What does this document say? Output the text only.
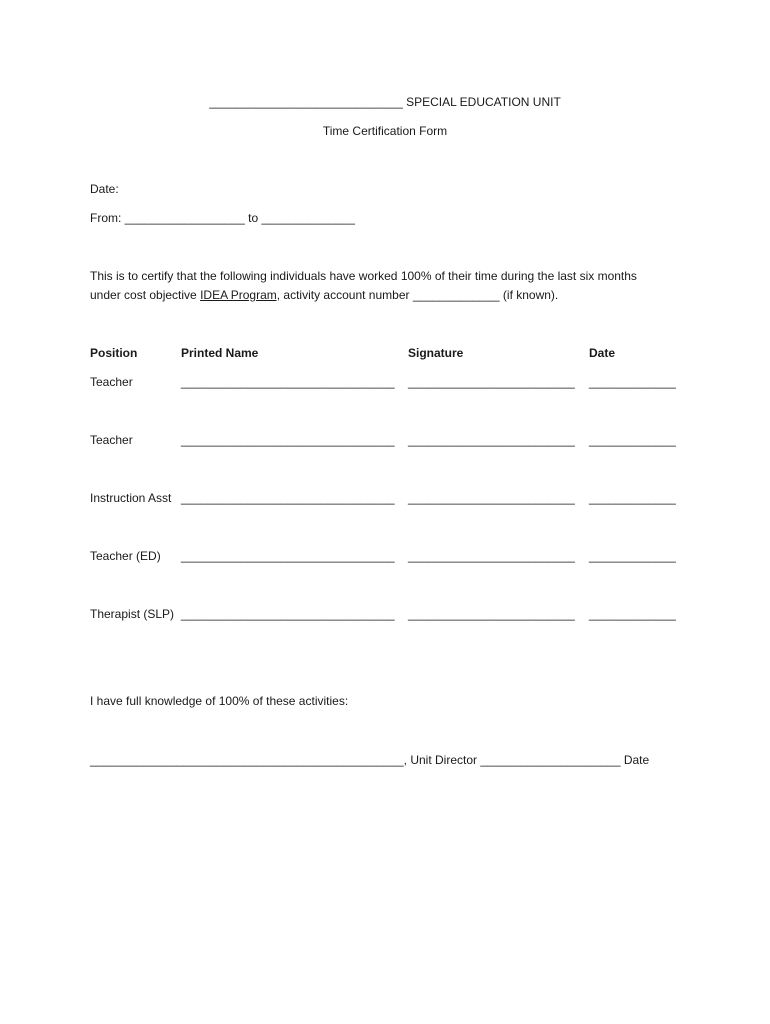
_____________________________ SPECIAL EDUCATION UNIT
Time Certification Form
Date:
From: __________________ to ______________
This is to certify that the following individuals have worked 100% of their time during the last six months
under cost objective IDEA Program, activity account number _____________ (if known).
Position	Printed Name	Signature	Date
Teacher	________________________________ _________________________ _____________
Teacher	________________________________ _________________________ _____________
Instruction Asst ________________________________ _________________________ _____________
Teacher (ED) ________________________________ _________________________ _____________
Therapist (SLP) ________________________________ _________________________ _____________
I have full knowledge of 100% of these activities:
_______________________________________________, Unit Director _____________________ Date
